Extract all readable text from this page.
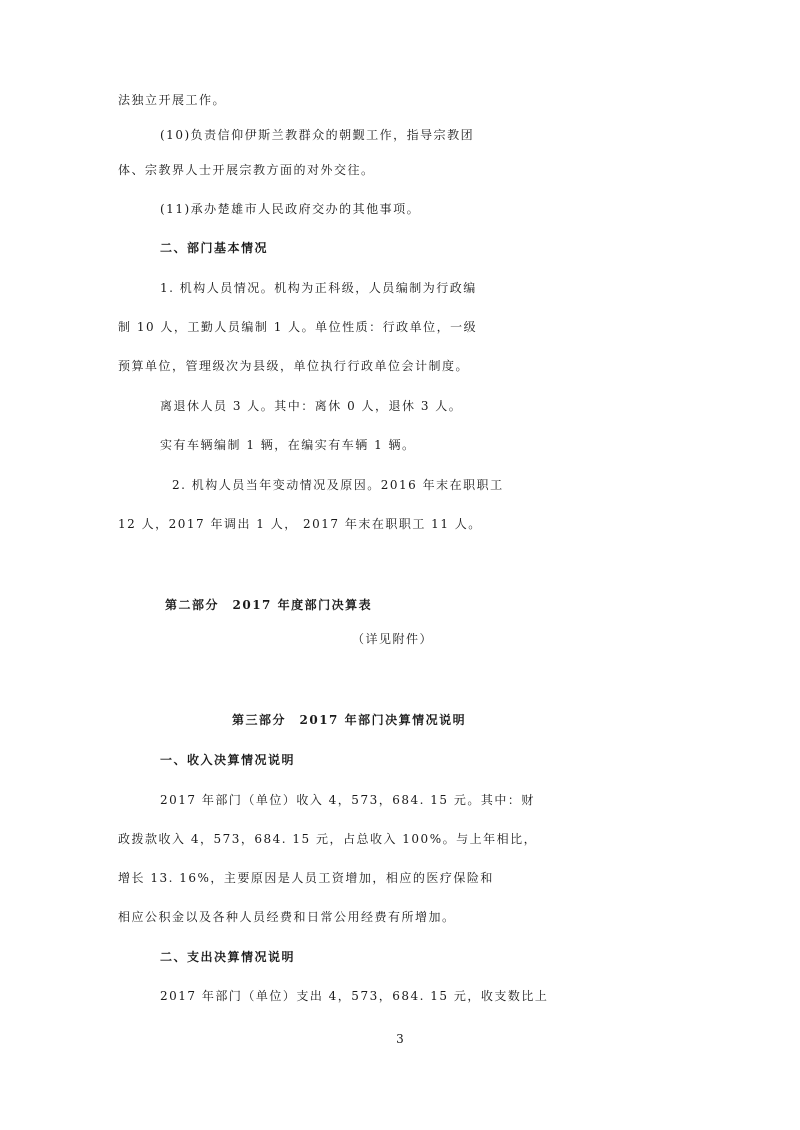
法独立开展工作。
(10)负责信仰伊斯兰教群众的朝觐工作，指导宗教团
体、宗教界人士开展宗教方面的对外交往。
(11)承办楚雄市人民政府交办的其他事项。
二、部门基本情况
1. 机构人员情况。机构为正科级，人员编制为行政编
制 10 人，工勤人员编制 1 人。单位性质：行政单位，一级
预算单位，管理级次为县级，单位执行行政单位会计制度。
离退休人员 3 人。其中：离休 0 人，退休 3 人。
实有车辆编制 1 辆，在编实有车辆 1 辆。
2. 机构人员当年变动情况及原因。2016 年末在职职工
12 人，2017 年调出 1 人， 2017 年末在职职工 11 人。
第二部分　2017 年度部门决算表
（详见附件）
第三部分　2017 年部门决算情况说明
一、收入决算情况说明
2017 年部门（单位）收入 4，573，684. 15 元。其中：财
政拨款收入 4，573，684. 15 元，占总收入 100%。与上年相比，
增长 13. 16%，主要原因是人员工资增加，相应的医疗保险和
相应公积金以及各种人员经费和日常公用经费有所增加。
二、支出决算情况说明
2017 年部门（单位）支出 4，573，684. 15 元，收支数比上
3
